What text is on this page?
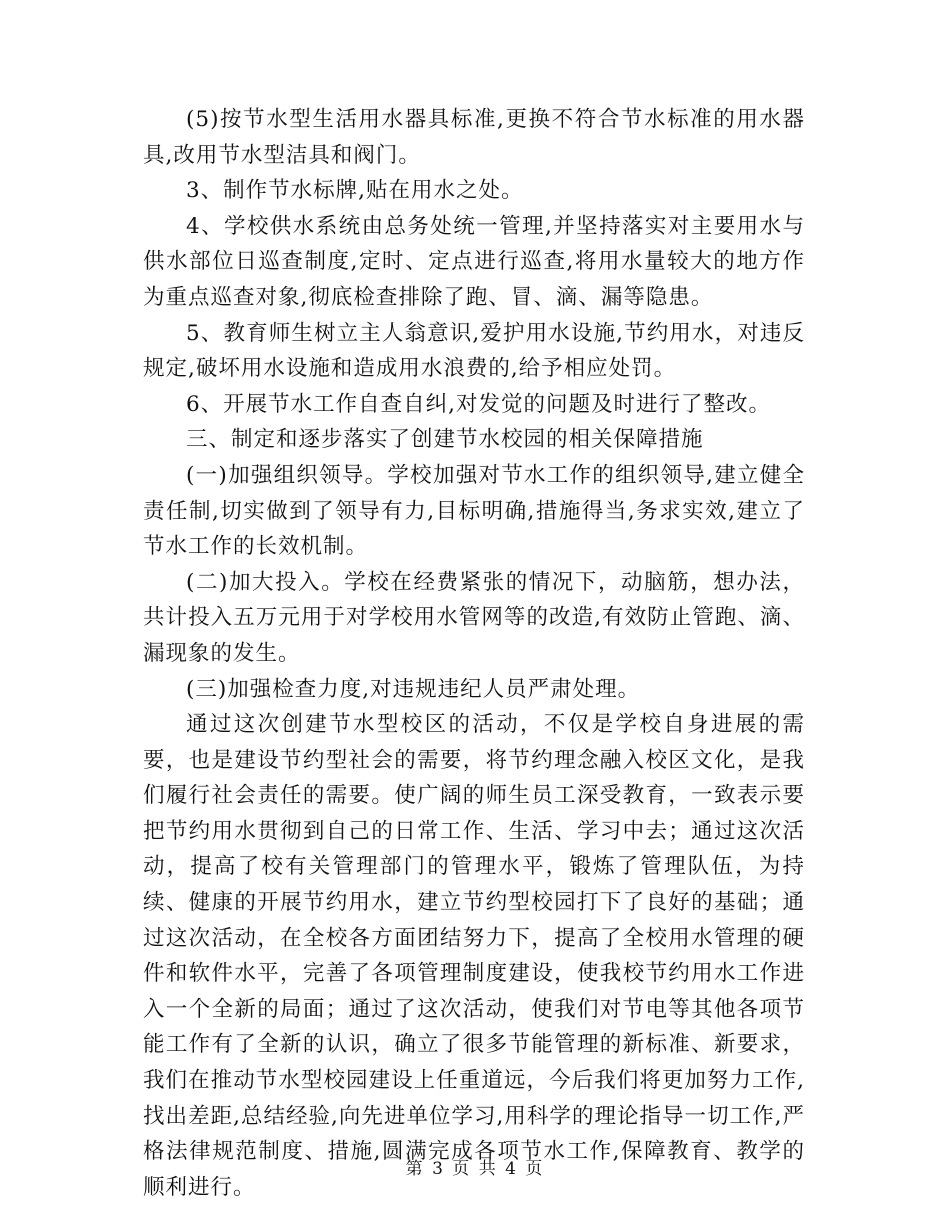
(5)按节水型生活用水器具标准,更换不符合节水标准的用水器具,改用节水型洁具和阀门。

3、制作节水标牌,贴在用水之处。

4、学校供水系统由总务处统一管理,并坚持落实对主要用水与供水部位日巡查制度,定时、定点进行巡查,将用水量较大的地方作为重点巡查对象,彻底检查排除了跑、冒、滴、漏等隐患。

5、教育师生树立主人翁意识,爱护用水设施,节约用水，对违反规定,破坏用水设施和造成用水浪费的,给予相应处罚。

6、开展节水工作自查自纠,对发觉的问题及时进行了整改。

三、制定和逐步落实了创建节水校园的相关保障措施

(一)加强组织领导。学校加强对节水工作的组织领导,建立健全责任制,切实做到了领导有力,目标明确,措施得当,务求实效,建立了节水工作的长效机制。

(二)加大投入。学校在经费紧张的情况下，动脑筋，想办法，共计投入五万元用于对学校用水管网等的改造,有效防止管跑、滴、漏现象的发生。

(三)加强检查力度,对违规违纪人员严肃处理。

通过这次创建节水型校区的活动，不仅是学校自身进展的需要，也是建设节约型社会的需要，将节约理念融入校区文化，是我们履行社会责任的需要。使广阔的师生员工深受教育，一致表示要把节约用水贯彻到自己的日常工作、生活、学习中去；通过这次活动，提高了校有关管理部门的管理水平，锻炼了管理队伍，为持续、健康的开展节约用水，建立节约型校园打下了良好的基础；通过这次活动，在全校各方面团结努力下，提高了全校用水管理的硬件和软件水平，完善了各项管理制度建设，使我校节约用水工作进入一个全新的局面；通过了这次活动，使我们对节电等其他各项节能工作有了全新的认识，确立了很多节能管理的新标准、新要求，我们在推动节水型校园建设上任重道远，今后我们将更加努力工作,找出差距,总结经验,向先进单位学习,用科学的理论指导一切工作,严格法律规范制度、措施,圆满完成各项节水工作,保障教育、教学的顺利进行。

第 3 页 共 4 页
